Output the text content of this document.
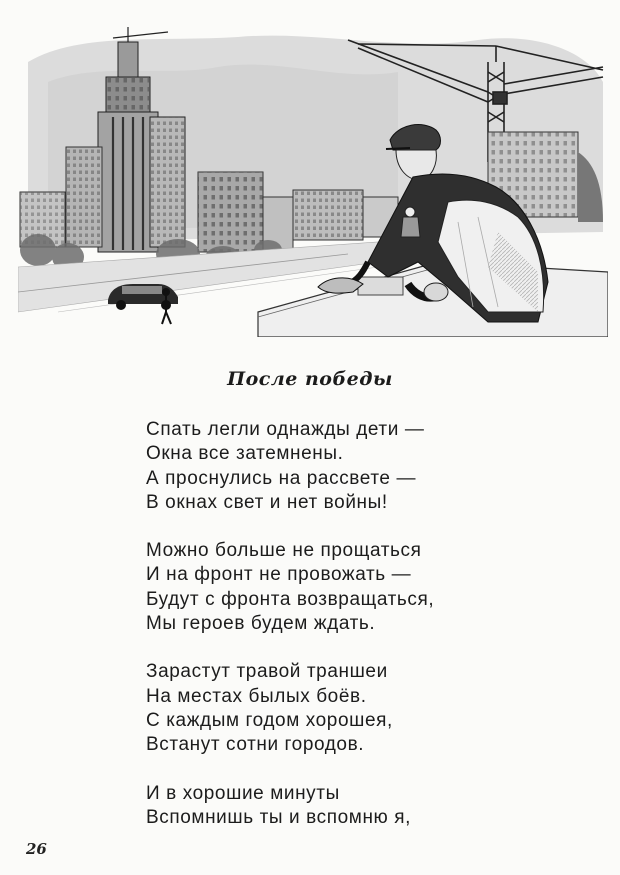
После победы
Спать легли однажды дети —
Окна все затемнены.
А проснулись на рассвете —
В окнах свет и нет войны!
Можно больше не прощаться
И на фронт не провожать —
Будут с фронта возвращаться,
Мы героев будем ждать.
Зарастут травой траншеи
На местах былых боёв.
С каждым годом хорошея,
Встанут сотни городов.
И в хорошие минуты
Вспомнишь ты и вспомню я,
26
